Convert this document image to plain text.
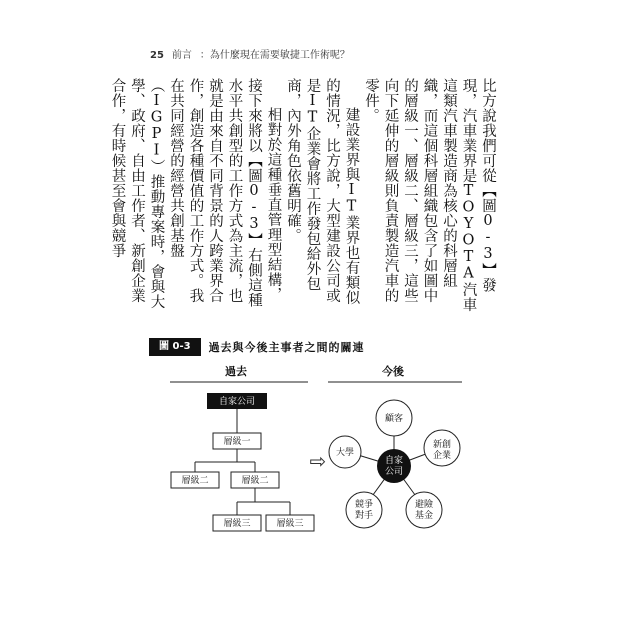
25 前言 ：為什麼現在需要敏捷工作術呢？

比方說我們可從【圖0-3】發現，汽車業界是TOYOTA汽車這類汽車製造商為核心的科層組織，而這個科層組織包含了如圖中的層級一、層級二、層級三，這些向下延伸的層級則負責製造汽車的零件。

建設業界與IT業界也有類似的情況，比方說，大型建設公司或是IT企業會將工作發包給外包商，內外角色依舊明確。

相對於這種垂直管理型結構，接下來將以【圖0-3】右側這種水平共創型的工作方式為主流，也就是由來自不同背景的人跨業界合作，創造各種價值的工作方式。我在共同經營的經營共創基盤（IGPI）推動專案時，會與大學、政府、自由工作者、新創企業合作，有時候甚至會與競爭

圖 0-3	過去與今後主事者之間的關連
過去	今後
自家公司
層級一
層級二	層級二
層級三	層級三
⇨
顧客
新創
企業
避險
基金
競爭
對手
大學
自家
公司
